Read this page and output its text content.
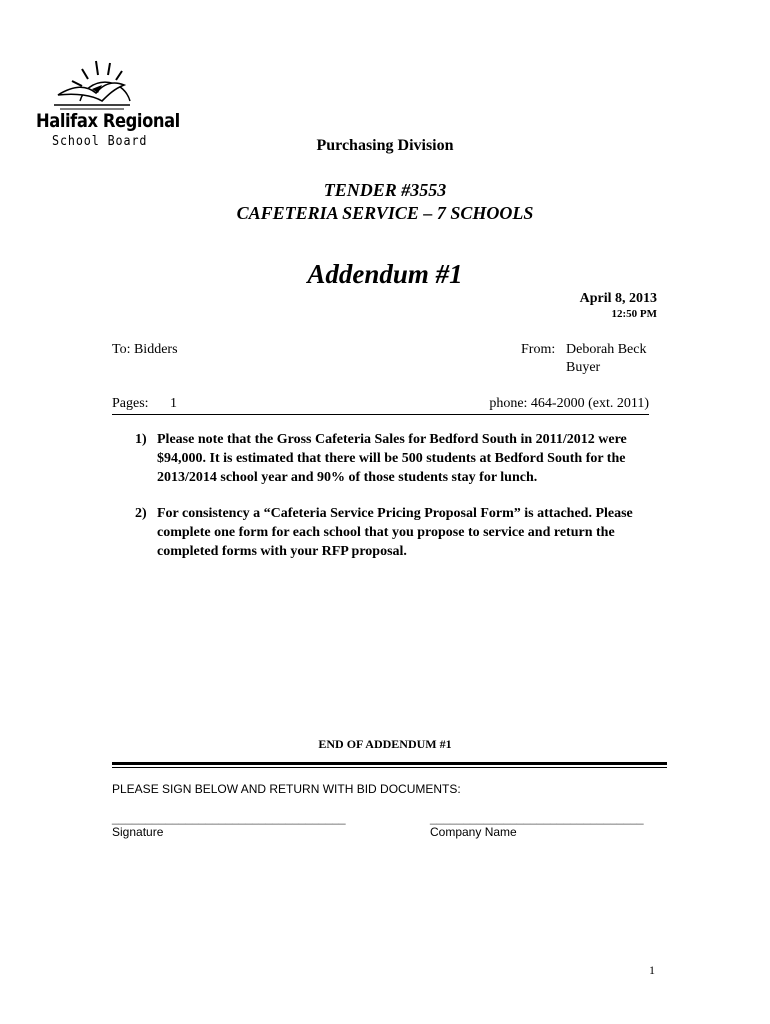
Halifax Regional
School Board	Purchasing Division
TENDER #3553
CAFETERIA SERVICE – 7 SCHOOLS
Addendum #1
April 8, 2013
12:50 PM
To: Bidders	From: Deborah Beck
Buyer
Pages: 1	phone: 464-2000 (ext. 2011)
1) Please note that the Gross Cafeteria Sales for Bedford South in 2011/2012 were $94,000. It is estimated that there will be 500 students at Bedford South for the 2013/2014 school year and 90% of those students stay for lunch.
2) For consistency a “Cafeteria Service Pricing Proposal Form” is attached. Please complete one form for each school that you propose to service and return the completed forms with your RFP proposal.
END OF ADDENDUM #1
PLEASE SIGN BELOW AND RETURN WITH BID DOCUMENTS:
___________________________________	________________________________
Signature	Company Name
1
